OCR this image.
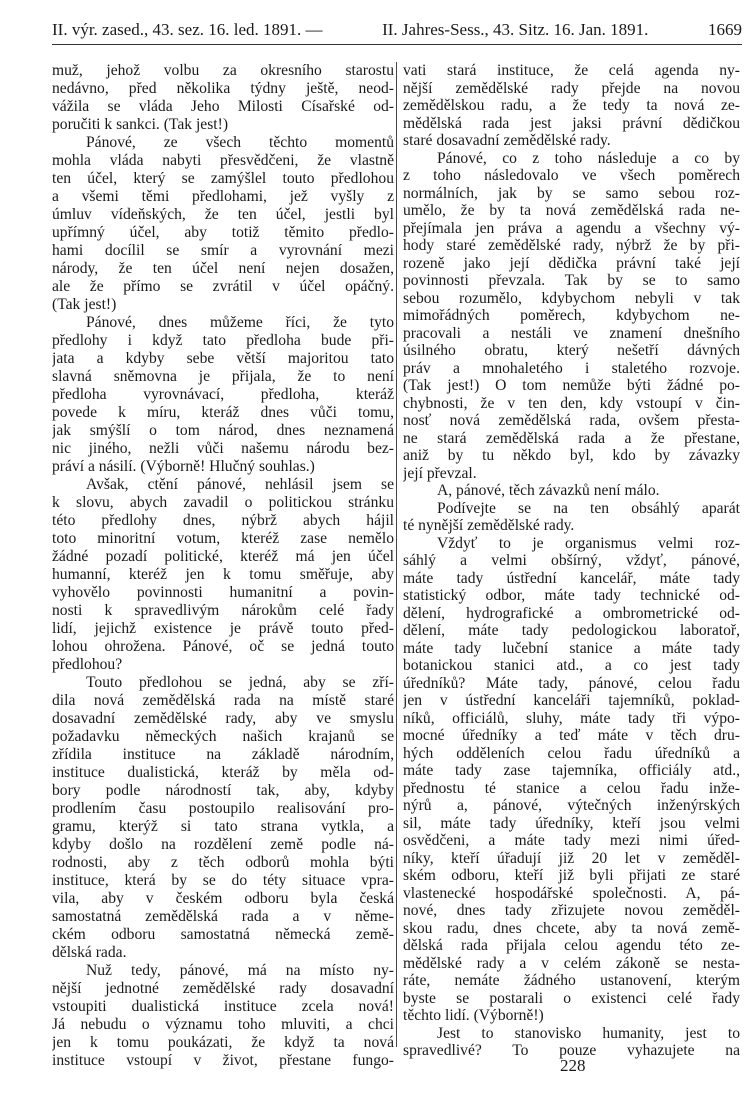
II. výr. zased., 43. sez. 16. led. 1891. —	II. Jahres-Sess., 43. Sitz. 16. Jan. 1891.	1669
muž, jehož volbu za okresního starostu
nedávno, před několika týdny ještě, neod-
vážila se vláda Jeho Milosti Císařské od-
poručiti k sankci. (Tak jest!)
Pánové, ze všech těchto momentů
mohla vláda nabyti přesvědčeni, že vlastně
ten účel, který se zamýšlel touto předlohou
a všemi těmi předlohami, jež vyšly z
úmluv vídeňských, že ten účel, jestli byl
upřímný účel, aby totiž těmito předlo-
hami docílil se smír a vyrovnání mezi
národy, že ten účel není nejen dosažen,
ale že přímo se zvrátil v účel opáčný.
(Tak jest!)
Pánové, dnes můžeme říci, že tyto
předlohy i když tato předloha bude při-
jata a kdyby sebe větší majoritou tato
slavná sněmovna je přijala, že to není
předloha vyrovnávací, předloha, kteráž
povede k míru, kteráž dnes vůči tomu,
jak smýšlí o tom národ, dnes neznamená
nic jiného, nežli vůči našemu národu bez-
práví a násilí. (Výborně! Hlučný souhlas.)
Avšak, ctění pánové, nehlásil jsem se
k slovu, abych zavadil o politickou stránku
této předlohy dnes, nýbrž abych hájil
toto minoritní votum, kteréž zase nemělo
žádné pozadí politické, kteréž má jen účel
humanní, kteréž jen k tomu směřuje, aby
vyhovělo povinnosti humanitní a povin-
nosti k spravedlivým nárokům celé řady
lidí, jejichž existence je právě touto před-
lohou ohrožena. Pánové, oč se jedná touto
předlohou?
Touto předlohou se jedná, aby se zří-
dila nová zemědělská rada na místě staré
dosavadní zemědělské rady, aby ve smyslu
požadavku německých našich krajanů se
zřídila instituce na základě národním,
instituce dualistická, kteráž by měla od-
bory podle národností tak, aby, kdyby
prodlením času postoupilo realisování pro-
gramu, kterýž si tato strana vytkla, a
kdyby došlo na rozdělení země podle ná-
rodnosti, aby z těch odborů mohla býti
instituce, která by se do téty situace vpra-
vila, aby v českém odboru byla česká
samostatná zemědělská rada a v něme-
ckém odboru samostatná německá země-
dělská rada.
Nuž tedy, pánové, má na místo ny-
nější jednotné zemědělské rady dosavadní
vstoupiti dualistická instituce zcela nová!
Já nebudu o významu toho mluviti, a chci
jen k tomu poukázati, že když ta nová
instituce vstoupí v život, přestane fungo-
vati stará instituce, že celá agenda ny-
nější zemědělské rady přejde na novou
zemědělskou radu, a že tedy ta nová ze-
mědělská rada jest jaksi právní dědičkou
staré dosavadní zemědělské rady.
Pánové, co z toho následuje a co by
z toho následovalo ve všech poměrech
normálních, jak by se samo sebou roz-
umělo, že by ta nová zemědělská rada ne-
přejímala jen práva a agendu a všechny vý-
hody staré zemědělské rady, nýbrž že by při-
rozeně jako její dědička právní také její
povinnosti převzala. Tak by se to samo
sebou rozumělo, kdybychom nebyli v tak
mimořádných poměrech, kdybychom ne-
pracovali a nestáli ve znamení dnešního
úsilného obratu, který nešetří dávných
práv a mnohaletého i staletého rozvoje.
(Tak jest!) O tom nemůže býti žádné po-
chybnosti, že v ten den, kdy vstoupí v čin-
nosť nová zemědělská rada, ovšem přesta-
ne stará zemědělská rada a že přestane,
aniž by tu někdo byl, kdo by závazky
její převzal.
A, pánové, těch závazků není málo.
Podívejte se na ten obsáhlý aparát
té nynější zemědělské rady.
Vždyť to je organismus velmi roz-
sáhlý a velmi obšírný, vždyť, pánové,
máte tady ústřední kancelář, máte tady
statistický odbor, máte tady technické od-
dělení, hydrografické a ombrometrické od-
dělení, máte tady pedologickou laboratoř,
máte tady lučební stanice a máte tady
botanickou stanici atd., a co jest tady
úředníků? Máte tady, pánové, celou řadu
jen v ústřední kanceláři tajemníků, poklad-
níků, officiálů, sluhy, máte tady tři výpo-
mocné úředníky a teď máte v těch dru-
hých odděleních celou řadu úředníků a
máte tady zase tajemníka, officiály atd.,
přednostu té stanice a celou řadu inže-
nýrů a, pánové, výtečných inženýrských
sil, máte tady úředníky, kteří jsou velmi
osvědčeni, a máte tady mezi nimi úřed-
níky, kteří úřadují již 20 let v zeměděl-
ském odboru, kteří již byli přijati ze staré
vlastenecké hospodářské společnosti. A, pá-
nové, dnes tady zřizujete novou zeměděl-
skou radu, dnes chcete, aby ta nová země-
dělská rada přijala celou agendu této ze-
mědělské rady a v celém zákoně se nesta-
ráte, nemáte žádného ustanovení, kterým
byste se postarali o existenci celé řady
těchto lidí. (Výborně!)
Jest to stanovisko humanity, jest to
spravedlivé? To pouze vyhazujete na
228
